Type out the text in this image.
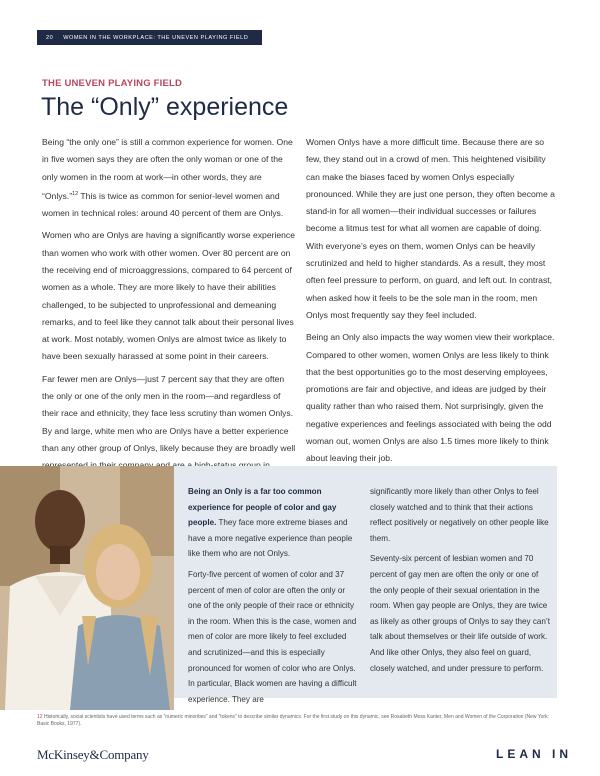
20 WOMEN IN THE WORKPLACE: THE UNEVEN PLAYING FIELD
THE UNEVEN PLAYING FIELD
The “Only” experience

Being “the only one” is still a common experience for women. One in five women says they are often the only woman or one of the only women in the room at work—in other words, they are “Onlys.”$^{12}$ This is twice as common for senior-level women and women in technical roles: around 40 percent of them are Onlys.

Women who are Onlys are having a significantly worse experience than women who work with other women. Over 80 percent are on the receiving end of microaggressions, compared to 64 percent of women as a whole. They are more likely to have their abilities challenged, to be subjected to unprofessional and demeaning remarks, and to feel like they cannot talk about their personal lives at work. Most notably, women Onlys are almost twice as likely to have been sexually harassed at some point in their careers.

Far fewer men are Onlys—just 7 percent say that they are often the only or one of the only men in the room—and regardless of their race and ethnicity, they face less scrutiny than women Onlys. By and large, white men who are Onlys have a better experience than any other group of Onlys, likely because they are broadly well

Women Onlys have a more difficult time. Because there are so few, they stand out in a crowd of men. This heightened visibility can make the biases faced by women Onlys especially pronounced. While they are just one person, they often become a stand-in for all women—their individual successes or failures become a litmus test for what all women are capable of doing. With everyone’s eyes on them, women Onlys can be heavily scrutinized and held to higher standards. As a result, they most often feel pressure to perform, on guard, and left out. In contrast, when asked how it feels to be the sole man in the room, men Onlys most frequently say they feel included.

Being an Only also impacts the way women view their workplace. Compared to other women, women Onlys are less likely to think that the best opportunities go to the most deserving employees, promotions are fair and objective, and ideas are judged by their quality rather than who raised them. Not surprisingly, given the negative experiences and feelings associated with being the odd woman out, women Onlys are also 1.5 times more likely to think about leaving their job.

Being an Only is a far too common experience for people of color and gay people. They face more extreme biases and have a more negative experience than people like them who are not Onlys.

Forty-five percent of women of color and 37 percent of men of color are often the only or one of the only people of their race or ethnicity in the room. When this is the case, women and men of color are more likely to feel excluded and scrutinized—and this is especially pronounced for women of color who are Onlys. In particular, Black women are having a difficult experience. They are

significantly more likely than other Onlys to feel closely watched and to think that their actions reflect positively or negatively on other people like them.

Seventy-six percent of lesbian women and 70 percent of gay men are often the only or one of the only people of their sexual orientation in the room. When gay people are Onlys, they are twice as likely as other groups of Onlys to say they can’t talk about themselves or their life outside of work. And like other Onlys, they also feel on guard, closely watched, and under pressure to perform.

12 Historically, social scientists have used terms such as “numeric minorities” and “tokens” to describe similar dynamics. For the first study on this dynamic, see Rosabeth Moss Kanter, Men and Women of the Corporation (New York: Basic Books, 1977).
McKinsey&Company	LEAN IN
